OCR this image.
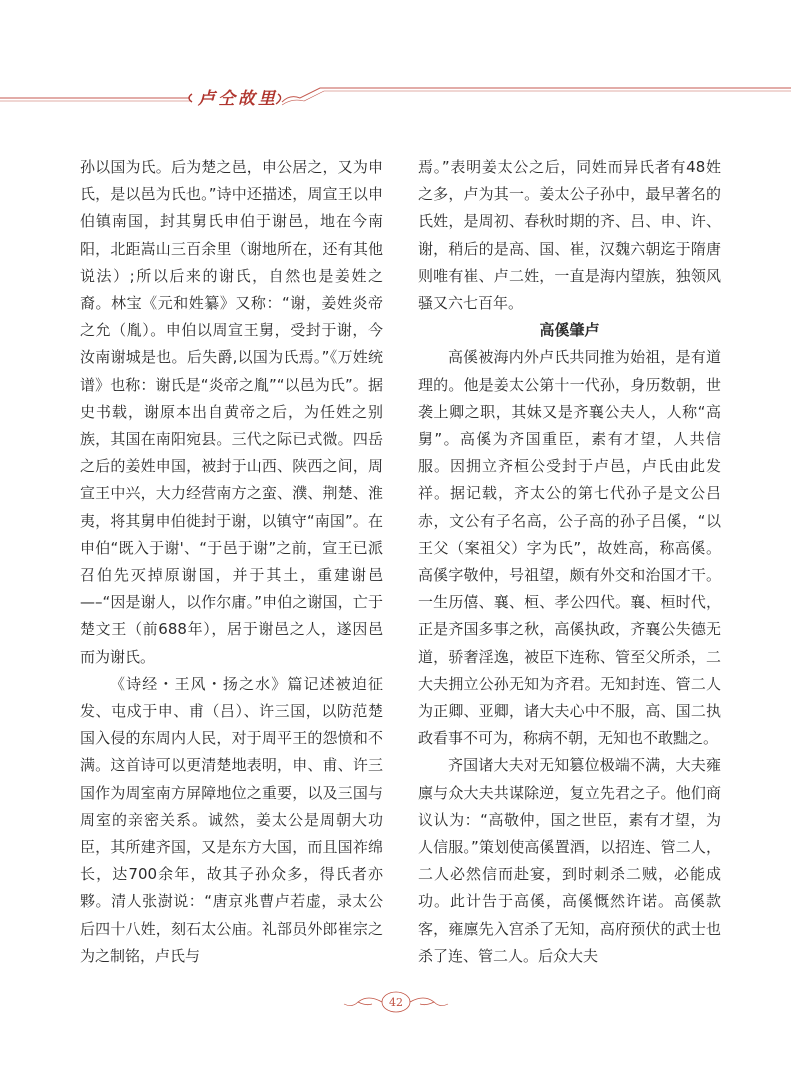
卢仝故里

孙以国为氏。后为楚之邑，申公居之，又为申氏，是以邑为氏也。”诗中还描述，周宣王以申伯镇南国，封其舅氏申伯于谢邑，地在今南阳，北距嵩山三百余里（谢地所在，还有其他说法）;所以后来的谢氏，自然也是姜姓之裔。林宝《元和姓纂》又称：“谢，姜姓炎帝之允（胤）。申伯以周宣王舅，受封于谢，今汝南谢城是也。后失爵,以国为氏焉。”《万姓统谱》也称：谢氏是“炎帝之胤”“以邑为氏”。据史书载，谢原本出自黄帝之后，为任姓之别族，其国在南阳宛县。三代之际已式微。四岳之后的姜姓申国，被封于山西、陕西之间，周宣王中兴，大力经营南方之蛮、濮、荆楚、淮夷，将其舅申伯徙封于谢，以镇守“南国”。在申伯“既入于谢'、“于邑于谢”之前，宣王已派召伯先灭掉原谢国，并于其土，重建谢邑—–“因是谢人，以作尔庸。”申伯之谢国，亡于楚文王（前688年），居于谢邑之人，遂因邑而为谢氏。

《诗经・王风・扬之水》篇记述被迫征发、屯戍于申、甫（吕）、许三国，以防范楚国入侵的东周内人民，对于周平王的怨愤和不满。这首诗可以更清楚地表明，申、甫、许三国作为周室南方屏障地位之重要，以及三国与周室的亲密关系。诚然，姜太公是周朝大功臣，其所建齐国，又是东方大国，而且国祚绵长，达700余年，故其子孙众多，得氏者亦夥。清人张澍说：“唐京兆曹卢若虚，录太公后四十八姓，刻石太公庙。礼部员外郎崔宗之为之制铭，卢氏与

焉。”表明姜太公之后，同姓而异氏者有48姓之多，卢为其一。姜太公子孙中，最早著名的氏姓，是周初、春秋时期的齐、吕、申、许、谢，稍后的是高、国、崔，汉魏六朝迄于隋唐则唯有崔、卢二姓，一直是海内望族，独领风骚又六七百年。

高傒肇卢

高傒被海内外卢氏共同推为始祖，是有道理的。他是姜太公第十一代孙，身历数朝，世袭上卿之职，其妹又是齐襄公夫人，人称“高舅”。高傒为齐国重臣，素有才望，人共信服。因拥立齐桓公受封于卢邑，卢氏由此发祥。据记载，齐太公的第七代孙子是文公吕赤，文公有子名高，公子高的孙子吕傒，“以王父（案祖父）字为氏”，故姓高，称高傒。高傒字敬仲，号祖望，颇有外交和治国才干。一生历僖、襄、桓、孝公四代。襄、桓时代，正是齐国多事之秋，高傒执政，齐襄公失德无道，骄奢淫逸，被臣下连称、管至父所杀，二大夫拥立公孙无知为齐君。无知封连、管二人为正卿、亚卿，诸大夫心中不服，高、国二执政看事不可为，称病不朝，无知也不敢黜之。

齐国诸大夫对无知篡位极端不满，大夫雍廪与众大夫共谋除逆，复立先君之子。他们商议认为：“高敬仲，国之世臣，素有才望，为人信服。”策划使高傒置酒，以招连、管二人，二人必然信而赴宴，到时刺杀二贼，必能成功。此计告于高傒，高傒慨然许诺。高傒款客，雍廪先入宫杀了无知，高府预伏的武士也杀了连、管二人。后众大夫

42
